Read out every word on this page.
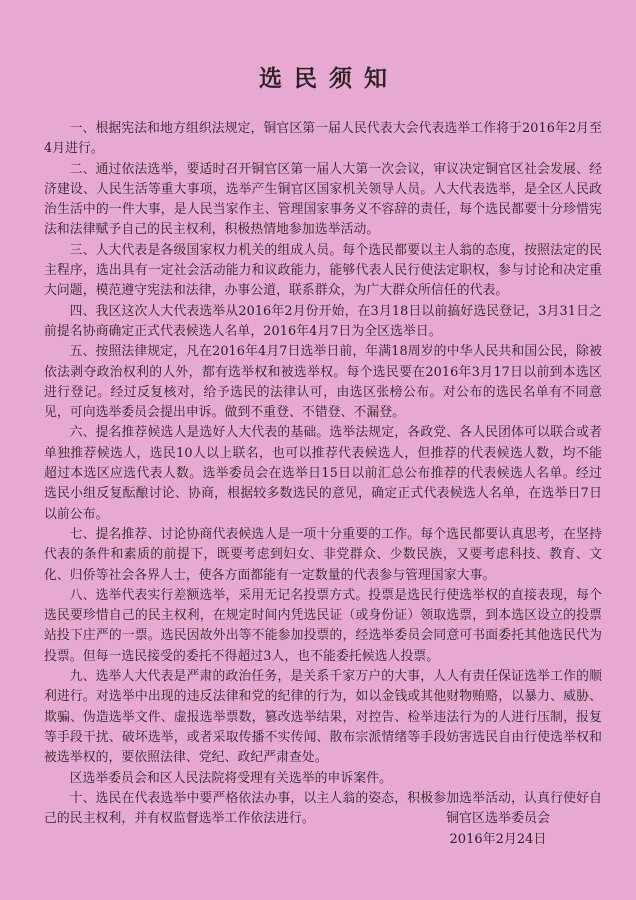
选民须知

一、根据宪法和地方组织法规定，铜官区第一届人民代表大会代表选举工作将于2016年2月至4月进行。

二、通过依法选举，要适时召开铜官区第一届人大第一次会议，审议决定铜官区社会发展、经济建设、人民生活等重大事项，选举产生铜官区国家机关领导人员。人大代表选举，是全区人民政治生活中的一件大事，是人民当家作主、管理国家事务义不容辞的责任，每个选民都要十分珍惜宪法和法律赋予自己的民主权利，积极热情地参加选举活动。

三、人大代表是各级国家权力机关的组成人员。每个选民都要以主人翁的态度，按照法定的民主程序，选出具有一定社会活动能力和议政能力，能够代表人民行使法定职权，参与讨论和决定重大问题，模范遵守宪法和法律，办事公道，联系群众，为广大群众所信任的代表。

四、我区这次人大代表选举从2016年2月份开始，在3月18日以前搞好选民登记，3月31日之前提名协商确定正式代表候选人名单，2016年4月7日为全区选举日。

五、按照法律规定，凡在2016年4月7日选举日前，年满18周岁的中华人民共和国公民，除被依法剥夺政治权利的人外，都有选举权和被选举权。每个选民要在2016年3月17日以前到本选区进行登记。经过反复核对，给予选民的法律认可，由选区张榜公布。对公布的选民名单有不同意见，可向选举委员会提出申诉。做到不重登、不错登、不漏登。

六、提名推荐候选人是选好人大代表的基础。选举法规定，各政党、各人民团体可以联合或者单独推荐候选人，选民10人以上联名，也可以推荐代表候选人，但推荐的代表候选人数，均不能超过本选区应选代表人数。选举委员会在选举日15日以前汇总公布推荐的代表候选人名单。经过选民小组反复酝酿讨论、协商，根据较多数选民的意见，确定正式代表候选人名单，在选举日7日以前公布。

七、提名推荐、讨论协商代表候选人是一项十分重要的工作。每个选民都要认真思考，在坚持代表的条件和素质的前提下，既要考虑到妇女、非党群众、少数民族，又要考虑科技、教育、文化、归侨等社会各界人士，使各方面都能有一定数量的代表参与管理国家大事。

八、选举代表实行差额选举，采用无记名投票方式。投票是选民行使选举权的直接表现，每个选民要珍惜自己的民主权利，在规定时间内凭选民证（或身份证）领取选票，到本选区设立的投票站投下庄严的一票。选民因故外出等不能参加投票的，经选举委员会同意可书面委托其他选民代为投票。但每一选民接受的委托不得超过3人，也不能委托候选人投票。

九、选举人大代表是严肃的政治任务，是关系千家万户的大事，人人有责任保证选举工作的顺利进行。对选举中出现的违反法律和党的纪律的行为，如以金钱或其他财物贿赂，以暴力、威胁、欺骗、伪造选举文件、虚报选举票数，篡改选举结果，对控告、检举违法行为的人进行压制，报复等手段干扰、破坏选举，或者采取传播不实传闻、散布宗派情绪等手段妨害选民自由行使选举权和被选举权的，要依照法律、党纪、政纪严肃查处。

区选举委员会和区人民法院将受理有关选举的申诉案件。

十、选民在代表选举中要严格依法办事，以主人翁的姿态，积极参加选举活动，认真行使好自己的民主权利，并有权监督选举工作依法进行。	铜官区选举委员会
2016年2月24日
